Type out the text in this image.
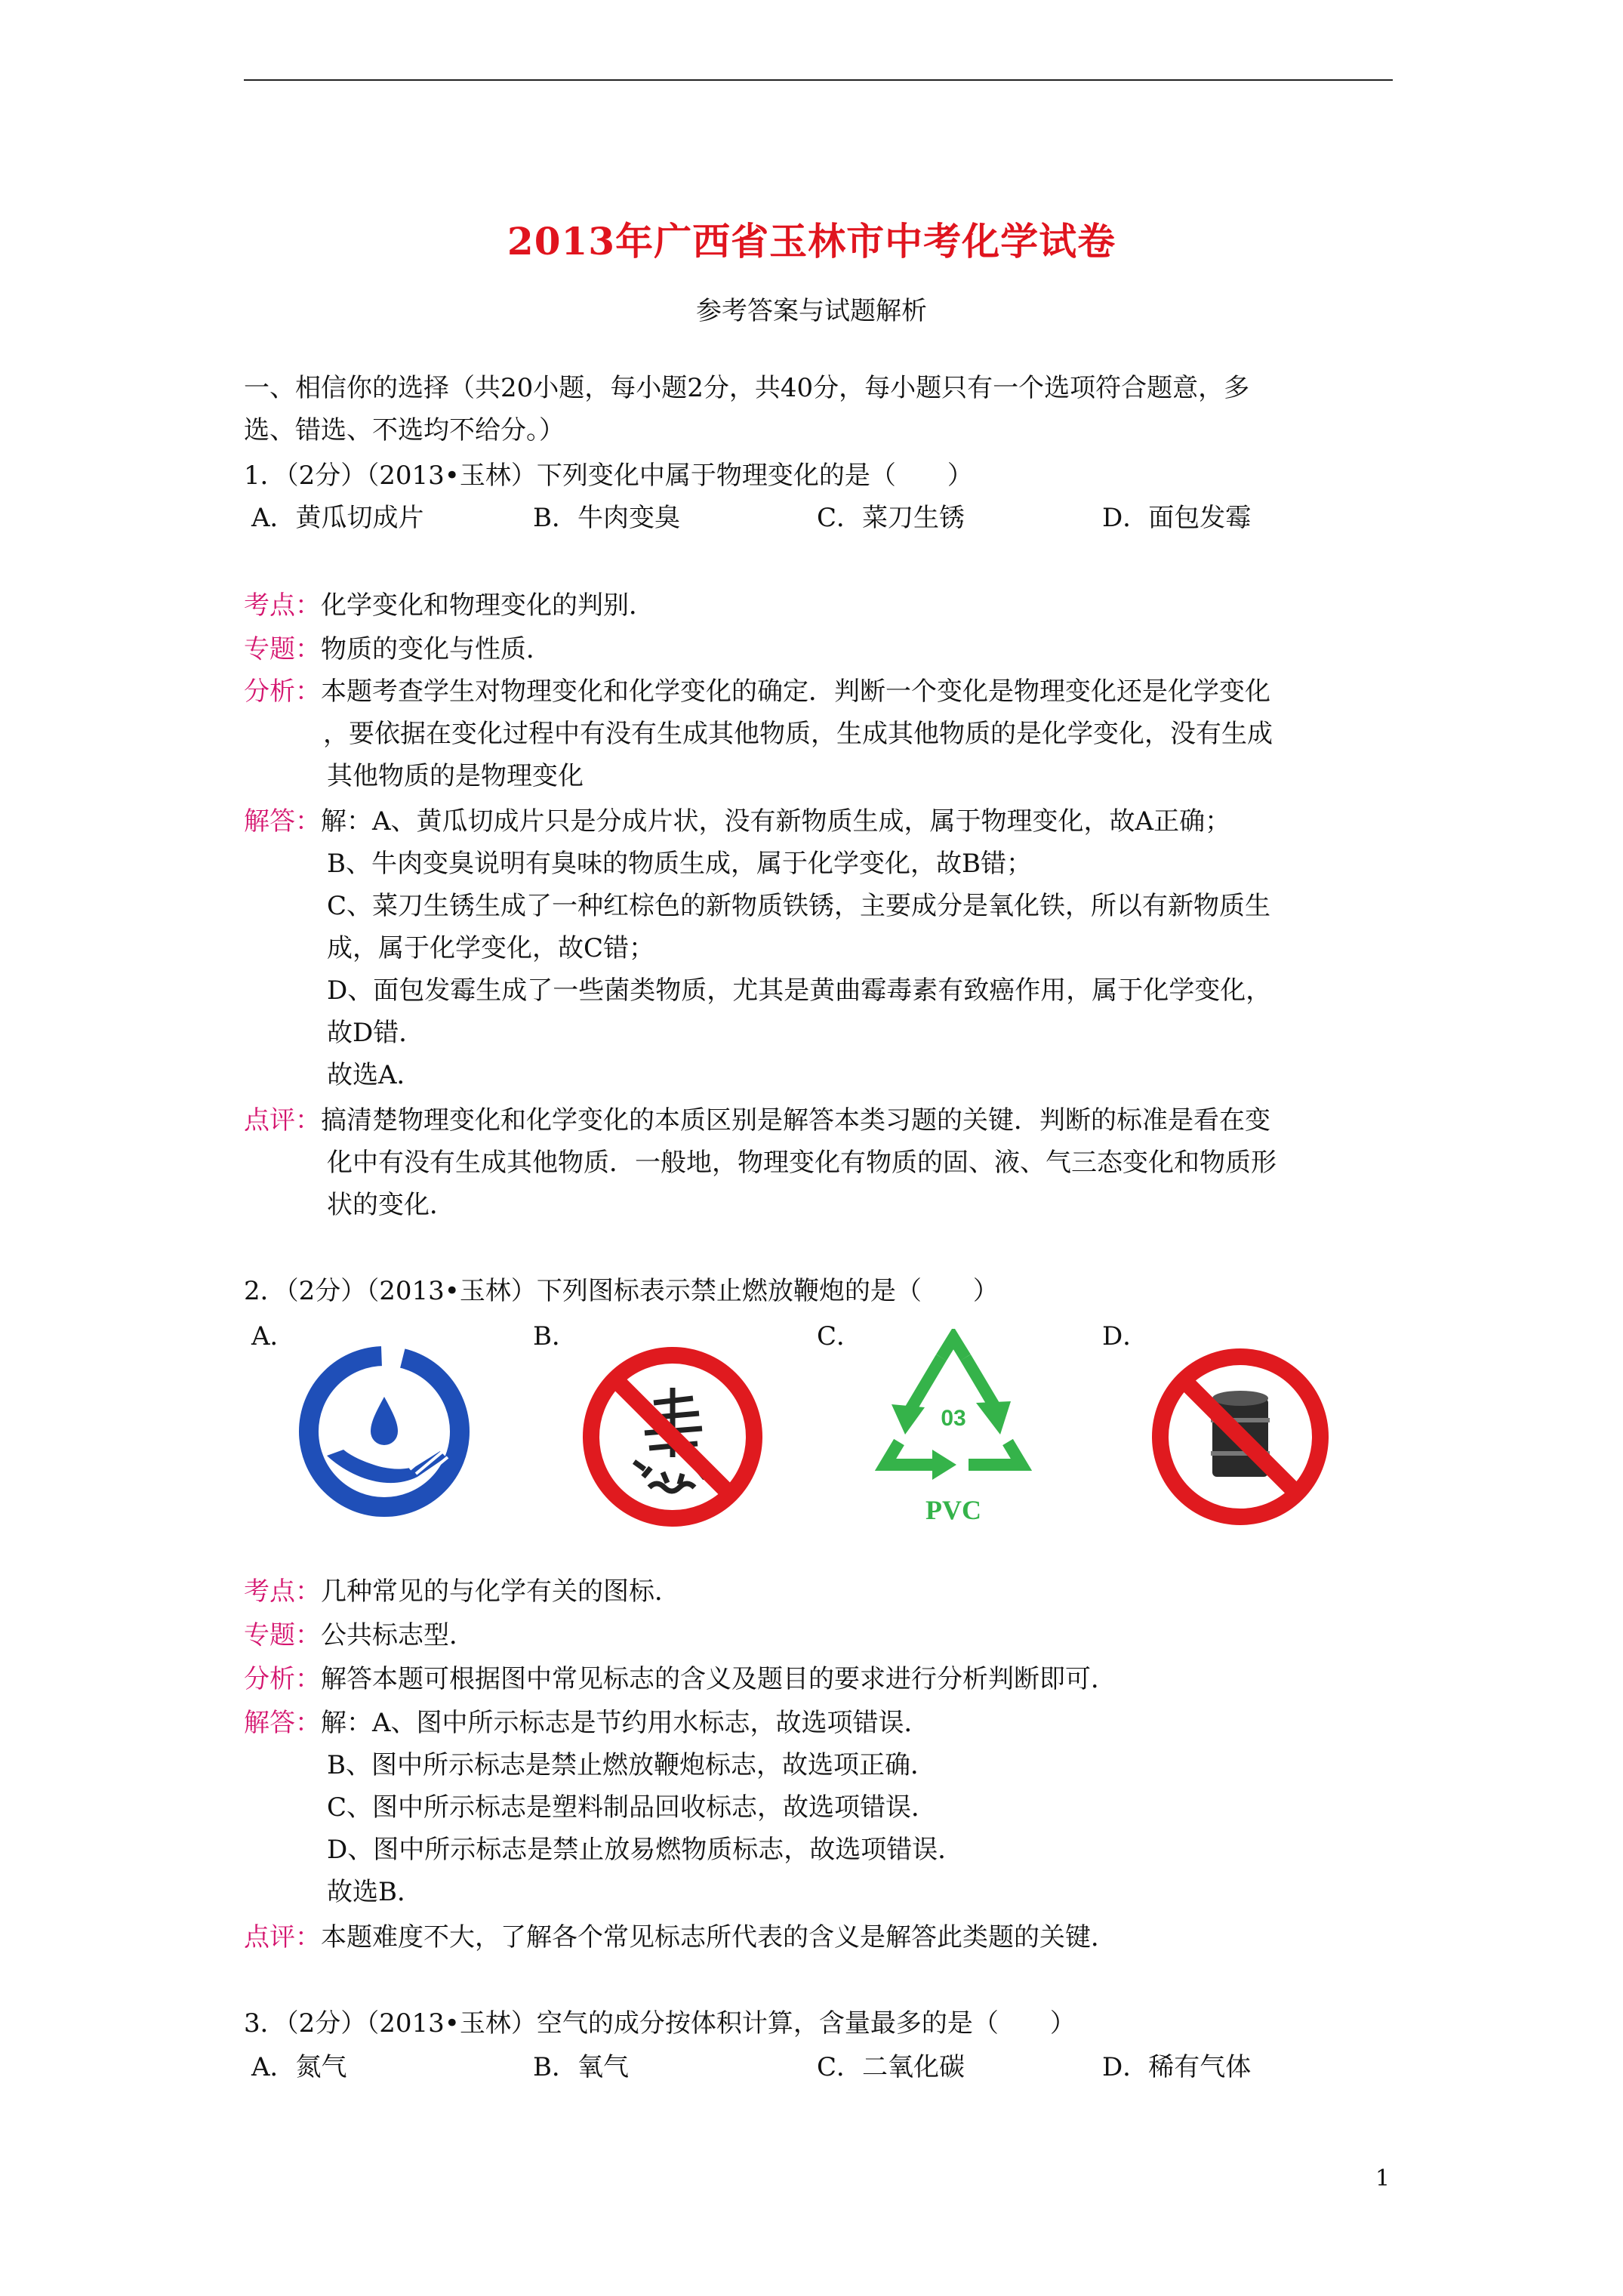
2013年广西省玉林市中考化学试卷
参考答案与试题解析
一、相信你的选择（共20小题，每小题2分，共40分，每小题只有一个选项符合题意，多
选、错选、不选均不给分。）
1．（2分）（2013•玉林）下列变化中属于物理变化的是（　　）
A．黄瓜切成片	B．牛肉变臭	C．菜刀生锈	D．面包发霉
考点：化学变化和物理变化的判别．
专题：物质的变化与性质．
分析：本题考查学生对物理变化和化学变化的确定．判断一个变化是物理变化还是化学变化
，要依据在变化过程中有没有生成其他物质，生成其他物质的是化学变化，没有生成
其他物质的是物理变化
解答：解：A、黄瓜切成片只是分成片状，没有新物质生成，属于物理变化，故A正确；
B、牛肉变臭说明有臭味的物质生成，属于化学变化，故B错；
C、菜刀生锈生成了一种红棕色的新物质铁锈，主要成分是氧化铁，所以有新物质生
成，属于化学变化，故C错；
D、面包发霉生成了一些菌类物质，尤其是黄曲霉毒素有致癌作用，属于化学变化，
故D错．
故选A．
点评：搞清楚物理变化和化学变化的本质区别是解答本类习题的关键．判断的标准是看在变
化中有没有生成其他物质．一般地，物理变化有物质的固、液、气三态变化和物质形
状的变化．
2．（2分）（2013•玉林）下列图标表示禁止燃放鞭炮的是（　　）
A．	B．	C．	D．
03
PVC
考点：几种常见的与化学有关的图标．
专题：公共标志型．
分析：解答本题可根据图中常见标志的含义及题目的要求进行分析判断即可．
解答：解：A、图中所示标志是节约用水标志，故选项错误．
B、图中所示标志是禁止燃放鞭炮标志，故选项正确．
C、图中所示标志是塑料制品回收标志，故选项错误．
D、图中所示标志是禁止放易燃物质标志，故选项错误．
故选B．
点评：本题难度不大，了解各个常见标志所代表的含义是解答此类题的关键．
3．（2分）（2013•玉林）空气的成分按体积计算，含量最多的是（　　）
A．氮气	B．氧气	C．二氧化碳	D．稀有气体
1
